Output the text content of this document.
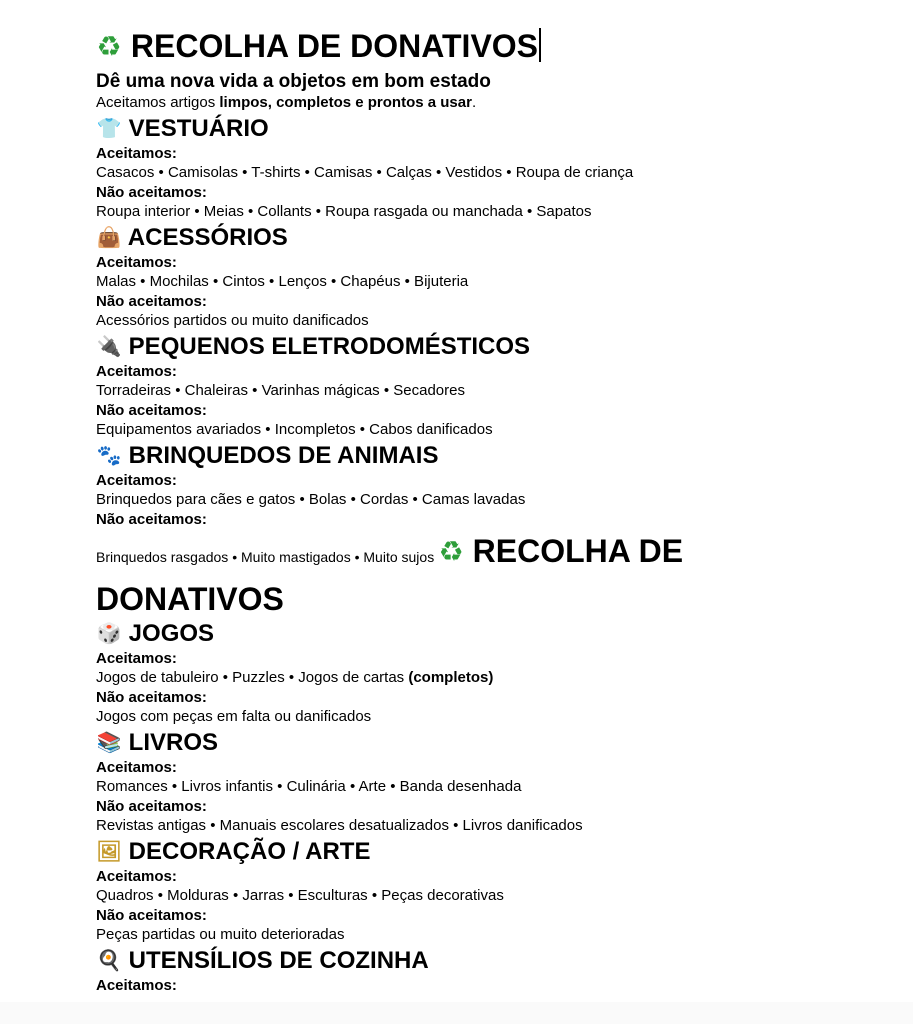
♻ RECOLHA DE DONATIVOS

Dê uma nova vida a objetos em bom estado

Aceitamos artigos limpos, completos e prontos a usar.

👕 VESTUÁRIO

Aceitamos:

Casacos • Camisolas • T-shirts • Camisas • Calças • Vestidos • Roupa de criança

Não aceitamos:

Roupa interior • Meias • Collants • Roupa rasgada ou manchada • Sapatos

👜 ACESSÓRIOS

Aceitamos:

Malas • Mochilas • Cintos • Lenços • Chapéus • Bijuteria

Não aceitamos:

Acessórios partidos ou muito danificados

🔌 PEQUENOS ELETRODOMÉSTICOS

Aceitamos:

Torradeiras • Chaleiras • Varinhas mágicas • Secadores

Não aceitamos:

Equipamentos avariados • Incompletos • Cabos danificados

🐾 BRINQUEDOS DE ANIMAIS

Aceitamos:

Brinquedos para cães e gatos • Bolas • Cordas • Camas lavadas

Não aceitamos:

Brinquedos rasgados • Muito mastigados • Muito sujos ♻ RECOLHA DE

DONATIVOS

🎲 JOGOS

Aceitamos:

Jogos de tabuleiro • Puzzles • Jogos de cartas (completos)

Não aceitamos:

Jogos com peças em falta ou danificados

📚 LIVROS

Aceitamos:

Romances • Livros infantis • Culinária • Arte • Banda desenhada

Não aceitamos:

Revistas antigas • Manuais escolares desatualizados • Livros danificados

🖼 DECORAÇÃO / ARTE

Aceitamos:

Quadros • Molduras • Jarras • Esculturas • Peças decorativas

Não aceitamos:

Peças partidas ou muito deterioradas

🍳 UTENSÍLIOS DE COZINHA

Aceitamos:
